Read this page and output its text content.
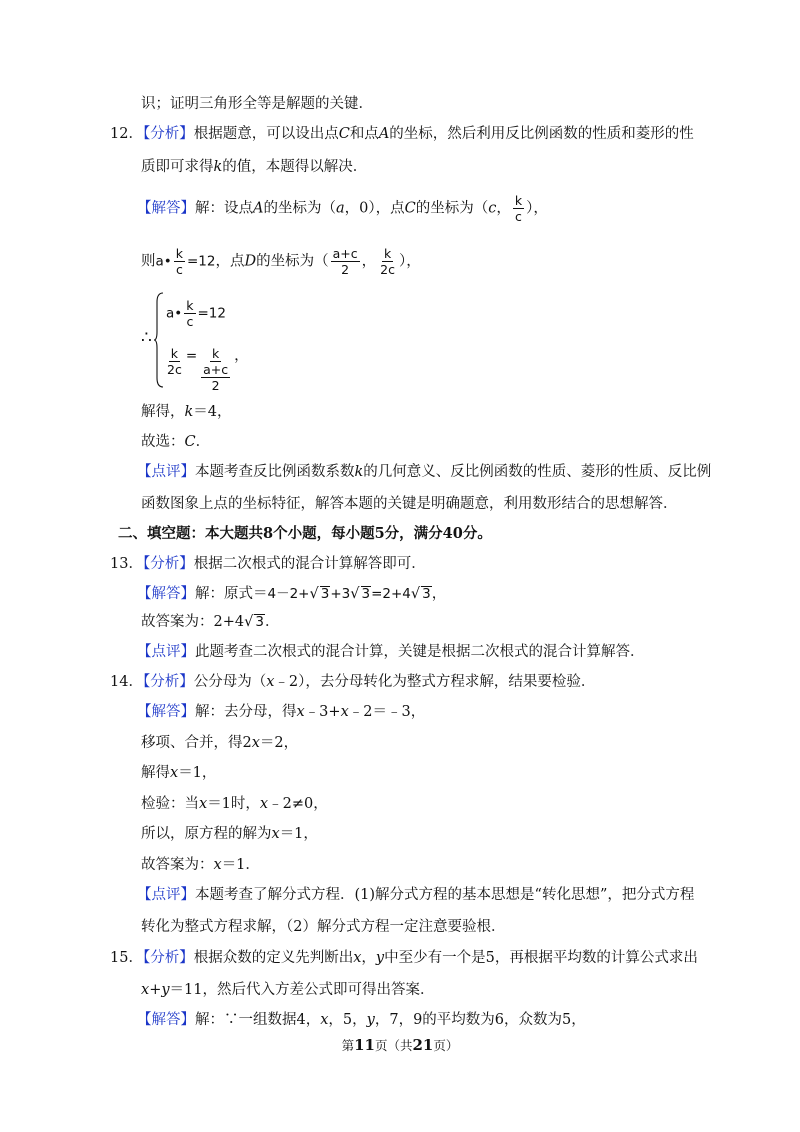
识；证明三角形全等是解题的关键．
12．【分析】根据题意，可以设出点C和点A的坐标，然后利用反比例函数的性质和菱形的性
质即可求得k的值，本题得以解决．
【解答】解：设点A的坐标为（a，0），点C的坐标为（c， $\frac{k}{c}$ ），
则a• $\frac{k}{c} =12$，点D的坐标为（ $\frac{a+c}{2}$ ， $\frac{k}{2c}$ ），
∴
a• $\frac{k}{c} =12$
$\frac{k}{2c} = \frac{k}{\frac{a+c}{2}}$ ，
解得，k＝4，
故选：C．
【点评】本题考查反比例函数系数k的几何意义、反比例函数的性质、菱形的性质、反比例
函数图象上点的坐标特征，解答本题的关键是明确题意，利用数形结合的思想解答．
二、填空题：本大题共8个小题，每小题5分，满分40分。
13．【分析】根据二次根式的混合计算解答即可．
【解答】解：原式＝4－2+√ 3+3√ 3=2+4√ 3，
故答案为：2+4√ 3．
【点评】此题考查二次根式的混合计算，关键是根据二次根式的混合计算解答．
14．【分析】公分母为（x﹣2），去分母转化为整式方程求解，结果要检验．
【解答】解：去分母，得x﹣3+x﹣2＝﹣3，
移项、合并，得2x＝2，
解得x＝1，
检验：当x＝1时，x﹣2≠0，
所以，原方程的解为x＝1，
故答案为：x＝1．
【点评】本题考查了解分式方程．(1)解分式方程的基本思想是“转化思想”，把分式方程
转化为整式方程求解，（2）解分式方程一定注意要验根．
15．【分析】根据众数的定义先判断出x，y中至少有一个是5，再根据平均数的计算公式求出
x+y＝11，然后代入方差公式即可得出答案．
【解答】解：∵一组数据4，x，5，y，7，9的平均数为6，众数为5，
第11页（共21页）
